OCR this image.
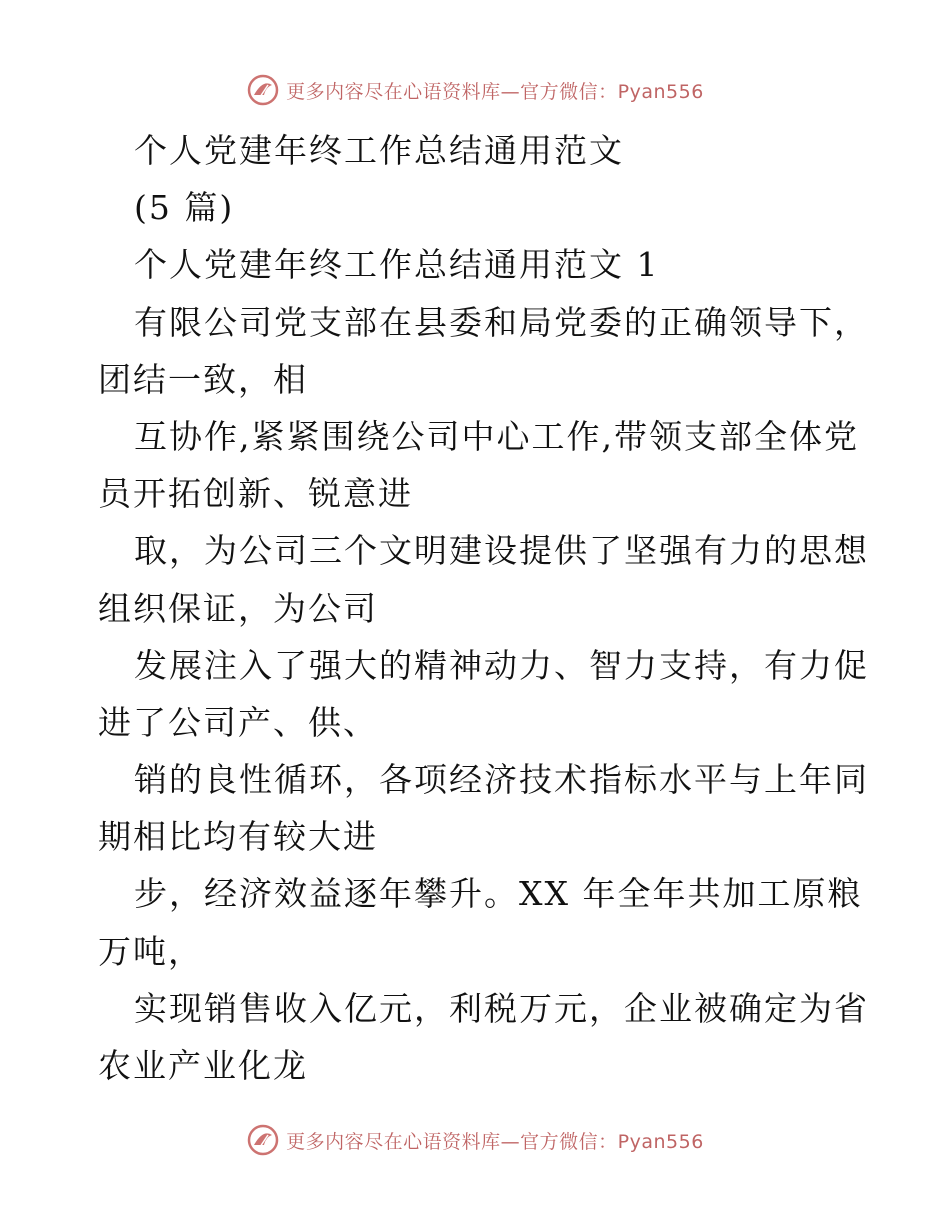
更多内容尽在心语资料库—官方微信：Pyan556
个人党建年终工作总结通用范文
(5 篇)
个人党建年终工作总结通用范文 1
有限公司党支部在县委和局党委的正确领导下，
团结一致，相
互协作,紧紧围绕公司中心工作,带领支部全体党
员开拓创新、锐意进
取，为公司三个文明建设提供了坚强有力的思想
组织保证，为公司
发展注入了强大的精神动力、智力支持，有力促
进了公司产、供、
销的良性循环，各项经济技术指标水平与上年同
期相比均有较大进
步，经济效益逐年攀升。XX 年全年共加工原粮
万吨，
实现销售收入亿元，利税万元，企业被确定为省
农业产业化龙
更多内容尽在心语资料库—官方微信：Pyan556
